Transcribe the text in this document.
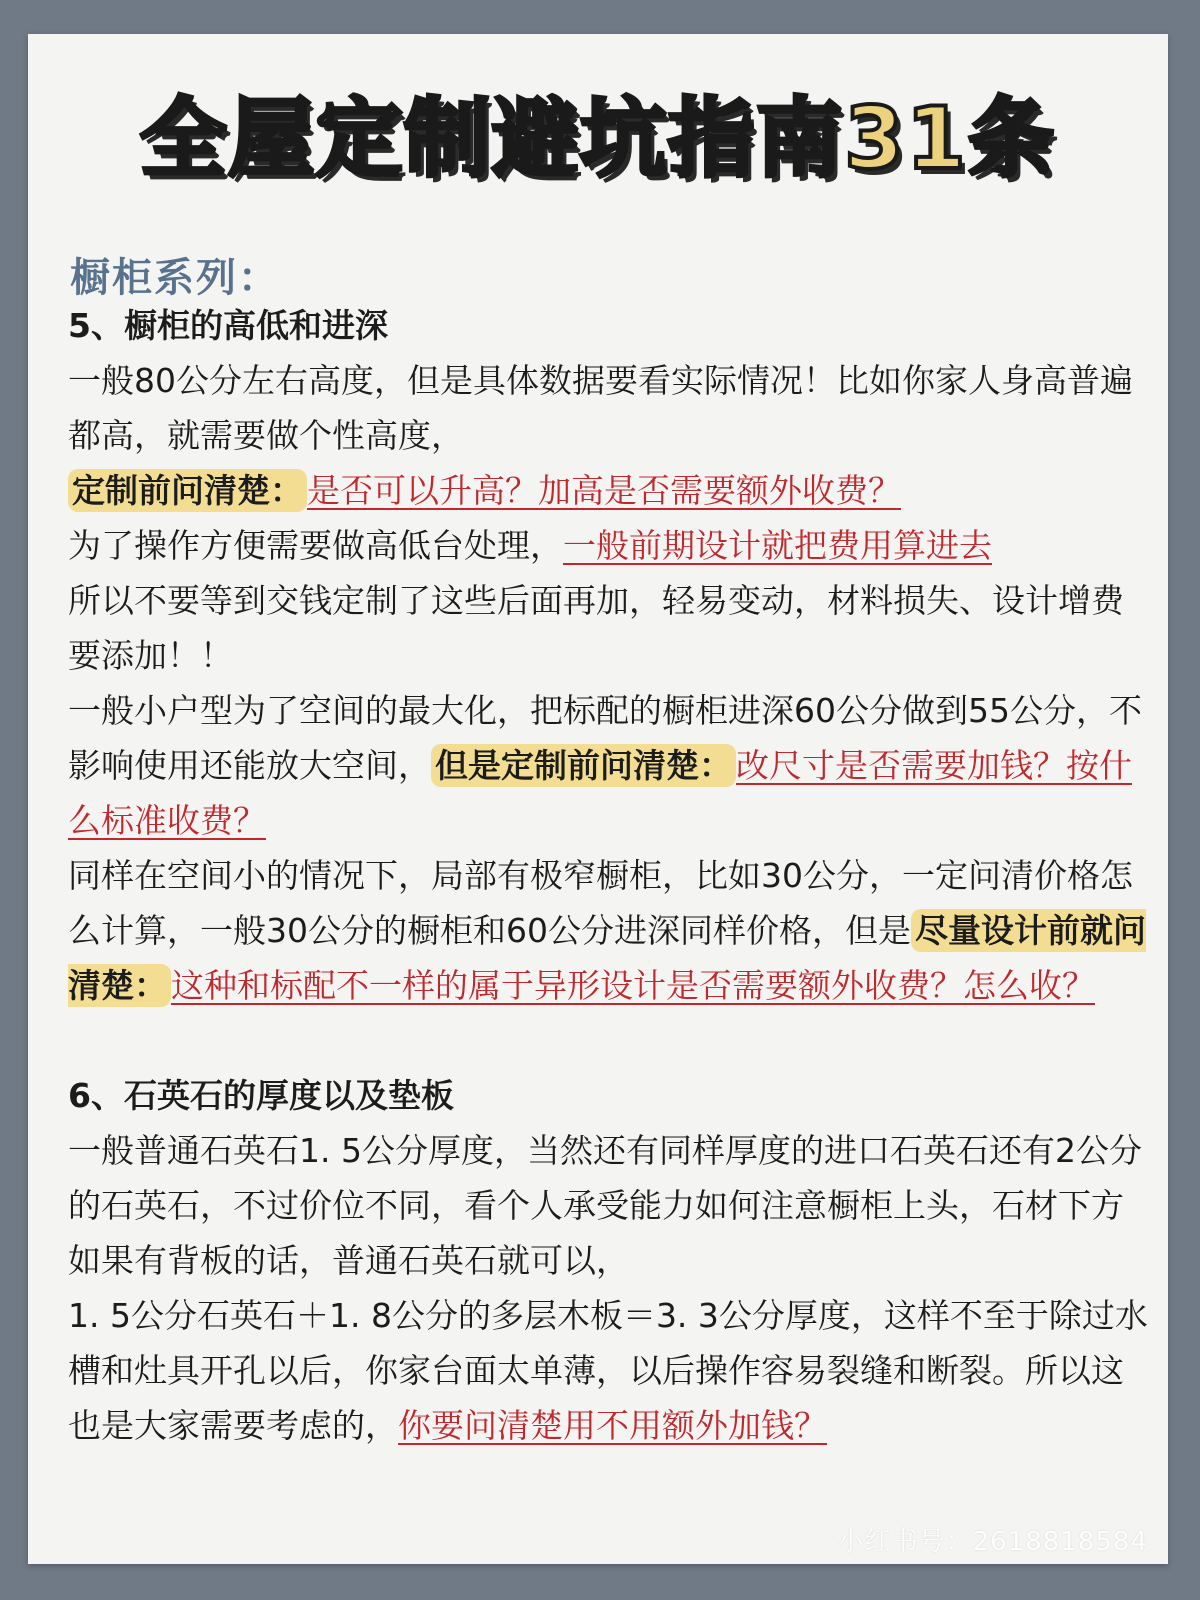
全屋定制避坑指南31条
橱柜系列：

5、橱柜的高低和进深

一般80公分左右高度，但是具体数据要看实际情况！比如你家人身高普遍都高，就需要做个性高度，

定制前问清楚： 是否可以升高？加高是否需要额外收费？

为了操作方便需要做高低台处理，一般前期设计就把费用算进去

所以不要等到交钱定制了这些后面再加，轻易变动，材料损失、设计增费要添加！！

一般小户型为了空间的最大化，把标配的橱柜进深60公分做到55公分，不影响使用还能放大空间， 但是定制前问清楚： 改尺寸是否需要加钱？按什么标准收费？

同样在空间小的情况下，局部有极窄橱柜，比如30公分，一定问清价格怎么计算，一般30公分的橱柜和60公分进深同样价格，但是 尽量设计前就问清楚： 这种和标配不一样的属于异形设计是否需要额外收费？怎么收？

6、石英石的厚度以及垫板

一般普通石英石1. 5公分厚度，当然还有同样厚度的进口石英石还有2公分的石英石，不过价位不同，看个人承受能力如何注意橱柜上头，石材下方如果有背板的话，普通石英石就可以，

1. 5公分石英石＋1. 8公分的多层木板＝3. 3公分厚度，这样不至于除过水槽和灶具开孔以后，你家台面太单薄，以后操作容易裂缝和断裂。所以这也是大家需要考虑的，你要问清楚用不用额外加钱？

小红书号：2618818584
